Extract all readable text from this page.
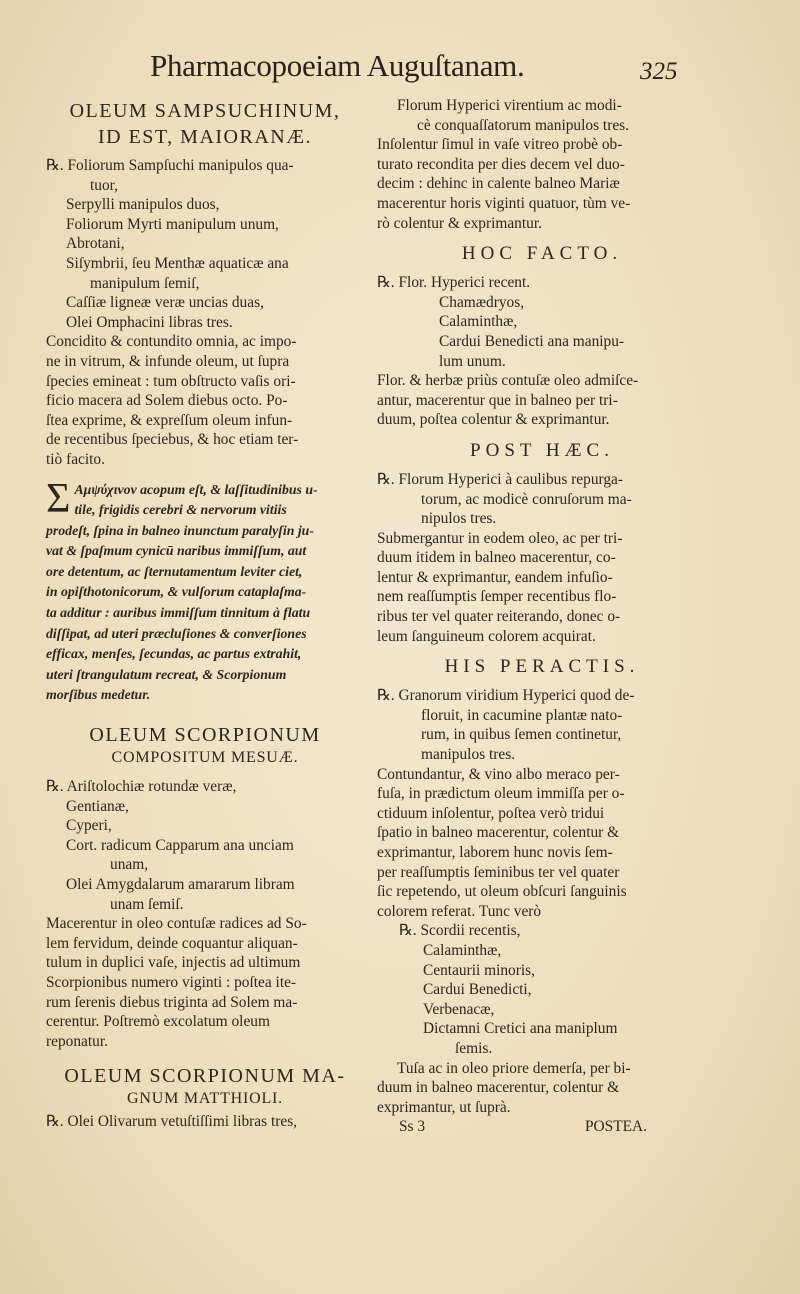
Pharmacopoeiam Auguſtanam.	325
OLEUM SAMPSUCHINUM,
ID EST, MAIORANÆ.

℞. Foliorum Sampſuchi manipulos qua-

tuor,

Serpylli manipulos duos,

Foliorum Myrti manipulum unum,

Abrotani,

Siſymbrii, ſeu Menthæ aquaticæ ana

manipulum ſemiſ,

Caſſiæ ligneæ veræ uncias duas,

Olei Omphacini libras tres.

Concidito & contundito omnia, ac impo-

ne in vitrum, & infunde oleum, ut ſupra

ſpecies emineat : tum obſtructo vaſis ori-

ficio macera ad Solem diebus octo. Po-

ſtea exprime, & expreſſum oleum infun-

de recentibus ſpeciebus, & hoc etiam ter-

tiò facito.

Σ Αμψύχινον acopum eſt, & laſſitudinibus u-
tile, frigidis cerebri & nervorum vitiis
prodeſt, ſpina in balneo inunctum paralyſin ju-
vat & ſpaſmum cynicū naribus immiſſum, aut
ore detentum, ac ſternutamentum leviter ciet,
in opiſthotonicorum, & vulſorum cataplaſma-
ta additur : auribus immiſſum tinnitum à flatu
diſſipat, ad uteri præcluſiones & converſiones
efficax, menſes, ſecundas, ac partus extrahit,
uteri ſtrangulatum recreat, & Scorpionum
morſibus medetur.
OLEUM SCORPIONUM
COMPOSITUM MESUÆ.

℞. Ariſtolochiæ rotundæ veræ,

Gentianæ,

Cyperi,

Cort. radicum Capparum ana unciam

unam,

Olei Amygdalarum amararum libram

unam ſemiſ.

Macerentur in oleo contuſæ radices ad So-

lem fervidum, deinde coquantur aliquan-

tulum in duplici vaſe, injectis ad ultimum

Scorpionibus numero viginti : poſtea ite-

rum ſerenis diebus triginta ad Solem ma-

cerentur. Poſtremò excolatum oleum

reponatur.

OLEUM SCORPIONUM MA-
GNUM MATTHIOLI.

℞. Olei Olivarum vetuſtiſſimi libras tres,

Florum Hyperici virentium ac modi-

cè conquaſſatorum manipulos tres.

Inſolentur ſimul in vaſe vitreo probè ob-

turato recondita per dies decem vel duo-

decim : dehinc in calente balneo Mariæ

macerentur horis viginti quatuor, tùm ve-

rò colentur & exprimantur.

HOC FACTO.

℞. Flor. Hyperici recent.

Chamædryos,

Calaminthæ,

Cardui Benedicti ana manipu-

lum unum.

Flor. & herbæ priùs contuſæ oleo admiſce-

antur, macerentur que in balneo per tri-

duum, poſtea colentur & exprimantur.

POST HÆC.

℞. Florum Hyperici à caulibus repurga-

torum, ac modicè conruſorum ma-

nipulos tres.

Submergantur in eodem oleo, ac per tri-

duum itidem in balneo macerentur, co-

lentur & exprimantur, eandem infuſio-

nem reaſſumptis ſemper recentibus flo-

ribus ter vel quater reiterando, donec o-

leum ſanguineum colorem acquirat.

HIS PERACTIS.

℞. Granorum viridium Hyperici quod de-

floruit, in cacumine plantæ nato-

rum, in quibus ſemen continetur,

manipulos tres.

Contundantur, & vino albo meraco per-

fuſa, in prædictum oleum immiſſa per o-

ctiduum inſolentur, poſtea verò tridui

ſpatio in balneo macerentur, colentur &

exprimantur, laborem hunc novis ſem-

per reaſſumptis ſeminibus ter vel quater

ſic repetendo, ut oleum obſcuri ſanguinis

colorem referat. Tunc verò

℞. Scordii recentis,

Calaminthæ,

Centaurii minoris,

Cardui Benedicti,

Verbenacæ,

Dictamni Cretici ana maniplum

ſemis.

Tuſa ac in oleo priore demerſa, per bi-

duum in balneo macerentur, colentur &

exprimantur, ut ſuprà.

Ss 3	POSTEA.
